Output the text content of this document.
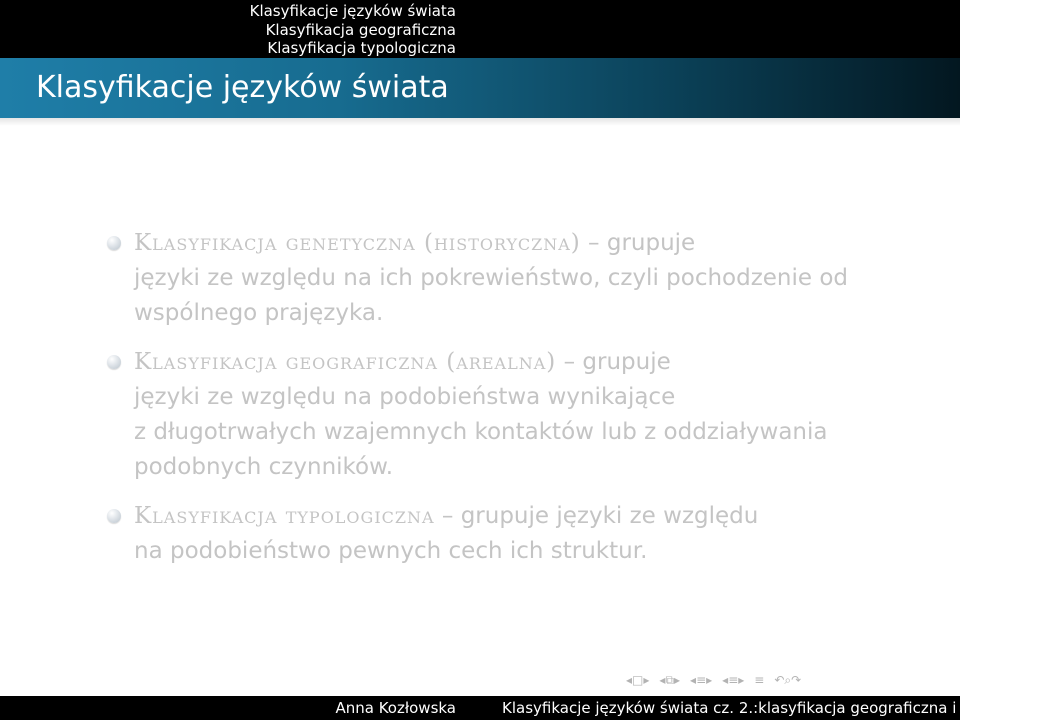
Klasyfikacje języków świata
Klasyfikacja geograficzna
Klasyfikacja typologiczna
Klasyfikacje języków świata
Klasyfikacja genetyczna (historyczna) – grupuje
języki ze względu na ich pokrewieństwo, czyli pochodzenie od
wspólnego prajęzyka.
Klasyfikacja geograficzna (arealna) – grupuje
języki ze względu na podobieństwa wynikające
z długotrwałych wzajemnych kontaktów lub z oddziaływania
podobnych czynników.
Klasyfikacja typologiczna – grupuje języki ze względu
na podobieństwo pewnych cech ich struktur.
◂ □ ▸ ◂ ⧉ ▸ ◂ ≡ ▸ ◂ ≡ ▸ ≡ ↶ ⌕ ↷
Anna Kozłowska	Klasyfikacje języków świata cz. 2.:klasyfikacja geograficzna i typologiczna
